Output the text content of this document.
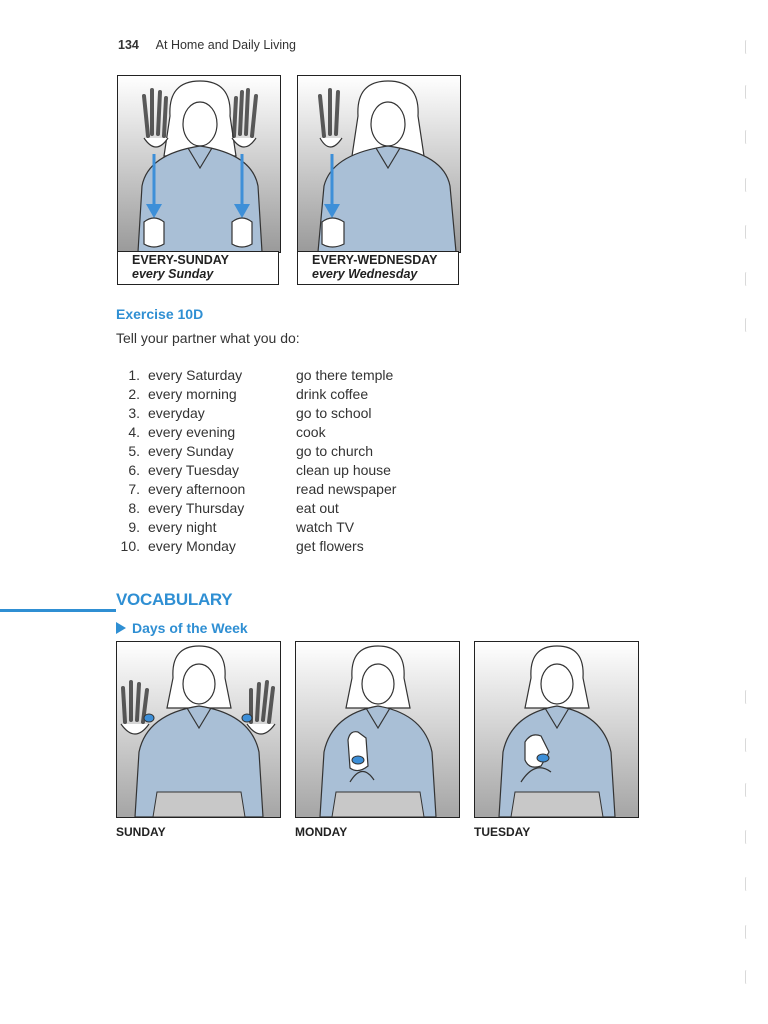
134 At Home and Daily Living
EVERY-SUNDAY
every Sunday
EVERY-WEDNESDAY
every Wednesday
Exercise 10D
Tell your partner what you do:
1. every Saturday	go there temple
2. every morning	drink coffee
3. everyday	go to school
4. every evening	cook
5. every Sunday	go to church
6. every Tuesday	clean up house
7. every afternoon	read newspaper
8. every Thursday	eat out
9. every night	watch TV
10. every Monday	get flowers
VOCABULARY
Days of the Week
SUNDAY	MONDAY	TUESDAY
